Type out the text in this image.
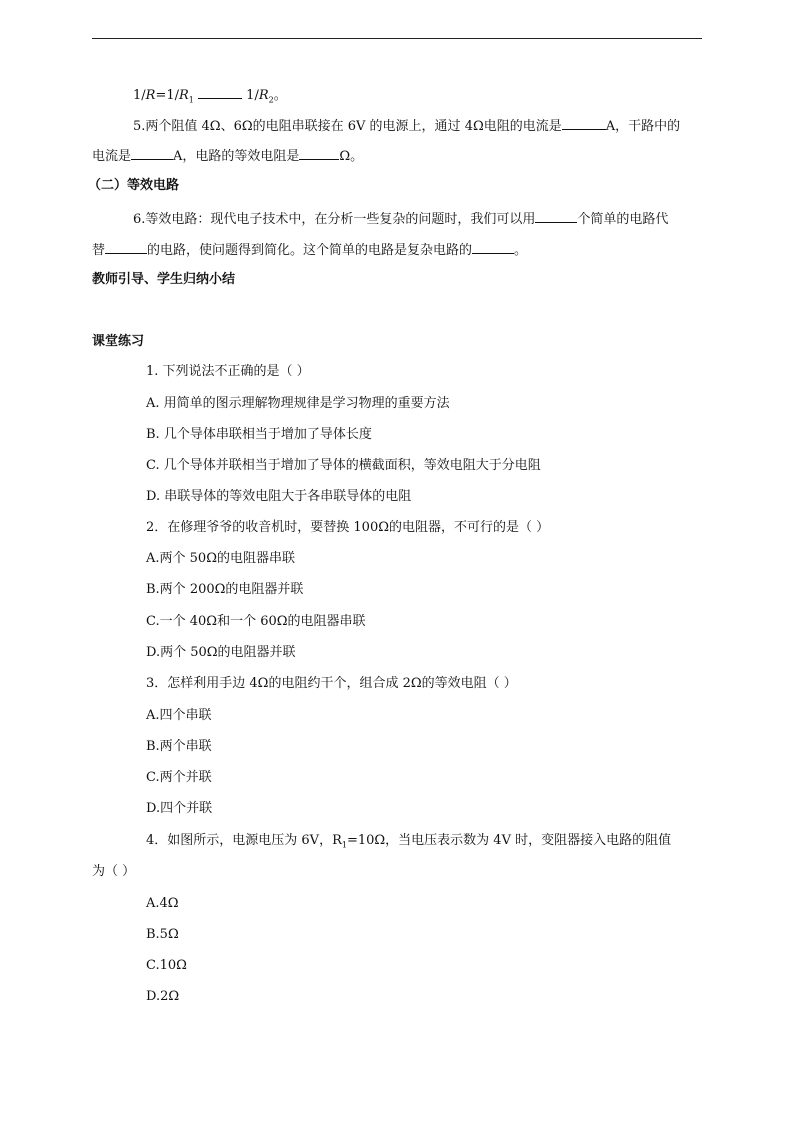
$1/R=1/R_1$	$1/R_2$。
5.两个阻值 4Ω、6Ω的电阻串联接在 6V 的电源上，通过 4Ω电阻的电流是	A，干路中的
电流是	A，电路的等效电阻是	Ω。
（二）等效电路
6.等效电路：现代电子技术中，在分析一些复杂的问题时，我们可以用	个简单的电路代
替	的电路，使问题得到简化。这个简单的电路是复杂电路的	。
教师引导、学生归纳小结
课堂练习
1. 下列说法不正确的是（ ）
A. 用简单的图示理解物理规律是学习物理的重要方法
B. 几个导体串联相当于增加了导体长度
C. 几个导体并联相当于增加了导体的横截面积，等效电阻大于分电阻
D. 串联导体的等效电阻大于各串联导体的电阻
2．在修理爷爷的收音机时，要替换 100Ω的电阻器，不可行的是（ ）
A.两个 50Ω的电阻器串联
B.两个 200Ω的电阻器并联
C.一个 40Ω和一个 60Ω的电阻器串联
D.两个 50Ω的电阻器并联
3．怎样利用手边 4Ω的电阻约干个，组合成 2Ω的等效电阻（ ）
A.四个串联
B.两个串联
C.两个并联
D.四个并联
4．如图所示，电源电压为 6V，$R_1=10\Omega$，当电压表示数为 4V 时，变阻器接入电路的阻值
为（ ）
A.4Ω
B.5Ω
C.10Ω
D.2Ω
